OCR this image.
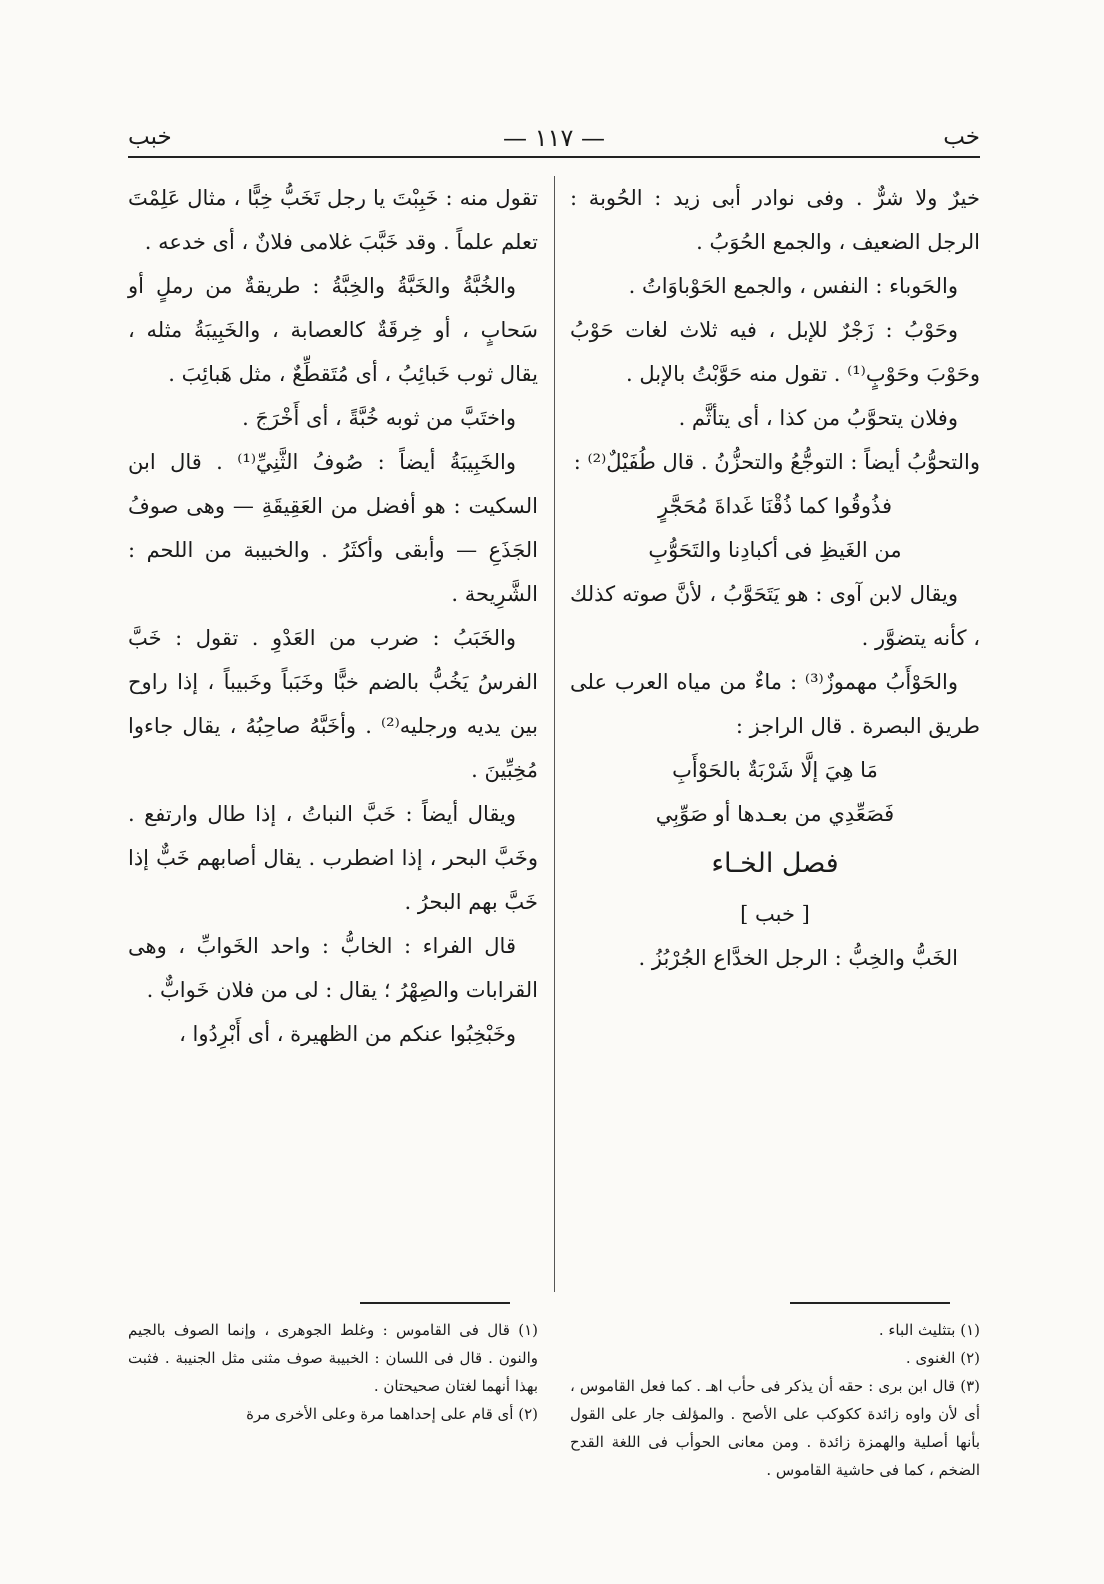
خب
— ١١٧ —
خبب

خيرٌ ولا شرٌّ . وفى نوادر أبى زيد : الحُوبة : الرجل الضعيف ، والجمع الحُوَبُ .

والحَوباء : النفس ، والجمع الحَوْباوَاتُ .

وحَوْبُ : زَجْرٌ للإبل ، فيه ثلاث لغات حَوْبُ وحَوْبَ وحَوْبٍ⁽¹⁾ . تقول منه حَوَّبْتُ بالإبل .

وفلان يتحوَّبُ من كذا ، أى يتأثَّم .

والتحوُّبُ أيضاً : التوجُّعُ والتحزُّنُ . قال طُفَيْلٌ⁽²⁾ :

فذُوقُوا كما ذُقْنَا غَداةَ مُحَجَّرٍ

من الغَيظِ فى أكبادِنا والتَحَوُّبِ

ويقال لابن آوى : هو يَتَحَوَّبُ ، لأنَّ صوته كذلك ، كأنه يتضوَّر .

والحَوْأَبُ مهموزٌ⁽³⁾ : ماءٌ من مياه العرب على طريق البصرة . قال الراجز :

مَا هِيَ إلَّا شَرْبَةٌ بالحَوْأَبِ

فَصَعِّدِي من بعـدها أو صَوِّبِي

فصل الخـاء

[ خبب ]

الخَبُّ والخِبُّ : الرجل الخدَّاع الجُرْبُزُ .

تقول منه : خَبِبْتَ يا رجل تَخَبُّ خِبًّا ، مثال عَلِمْتَ تعلم علماً . وقد خَبَّبَ غلامى فلانٌ ، أى خدعه .

والخُبَّةُ والخَبَّةُ والخِبَّةُ : طريقةٌ من رملٍ أو سَحابٍ ، أو خِرقَةٌ كالعصابة ، والخَبِيبَةُ مثله ، يقال ثوب خَبائِبُ ، أى مُتَقطِّعٌ ، مثل هَبائِبَ .

واختَبَّ من ثوبه خُبَّةً ، أى أَخْرَجَ .

والخَبِيبَةُ أيضاً : صُوفُ الثَّنِيِّ⁽¹⁾ . قال ابن السكيت : هو أفضل من العَقِيقَةِ — وهى صوفُ الجَذَعِ — وأبقى وأكثَرُ . والخبيبة من اللحم : الشَّرِيحة .

والخَبَبُ : ضرب من العَدْوِ . تقول : خَبَّ الفرسُ يَخُبُّ بالضم خبًّا وخَبَباً وخَبيباً ، إذا راوح بين يديه ورجليه⁽²⁾ . وأخَبَّهُ صاحِبُهُ ، يقال جاءوا مُخِبِّينَ .

ويقال أيضاً : خَبَّ النباتُ ، إذا طال وارتفع . وخَبَّ البحر ، إذا اضطرب . يقال أصابهم خَبٌّ إذا خَبَّ بهم البحرُ .

قال الفراء : الخابُّ : واحد الخَوابِّ ، وهى القرابات والصِهْرُ ؛ يقال : لى من فلان خَوابٌّ .

وخَبْخِبُوا عنكم من الظهيرة ، أى أَبْرِدُوا ،

(١) بتثليث الباء .

(٢) الغنوى .

(٣) قال ابن برى : حقه أن يذكر فى حأب اهـ . كما فعل القاموس ، أى لأن واوه زائدة ككوكب على الأصح . والمؤلف جار على القول بأنها أصلية والهمزة زائدة . ومن معانى الحوأب فى اللغة القدح الضخم ، كما فى حاشية القاموس .

(١) قال فى القاموس : وغلط الجوهرى ، وإنما الصوف بالجيم والنون . قال فى اللسان : الخبيبة صوف مثنى مثل الجنيبة . فثبت بهذا أنهما لغتان صحيحتان .

(٢) أى قام على إحداهما مرة وعلى الأخرى مرة
